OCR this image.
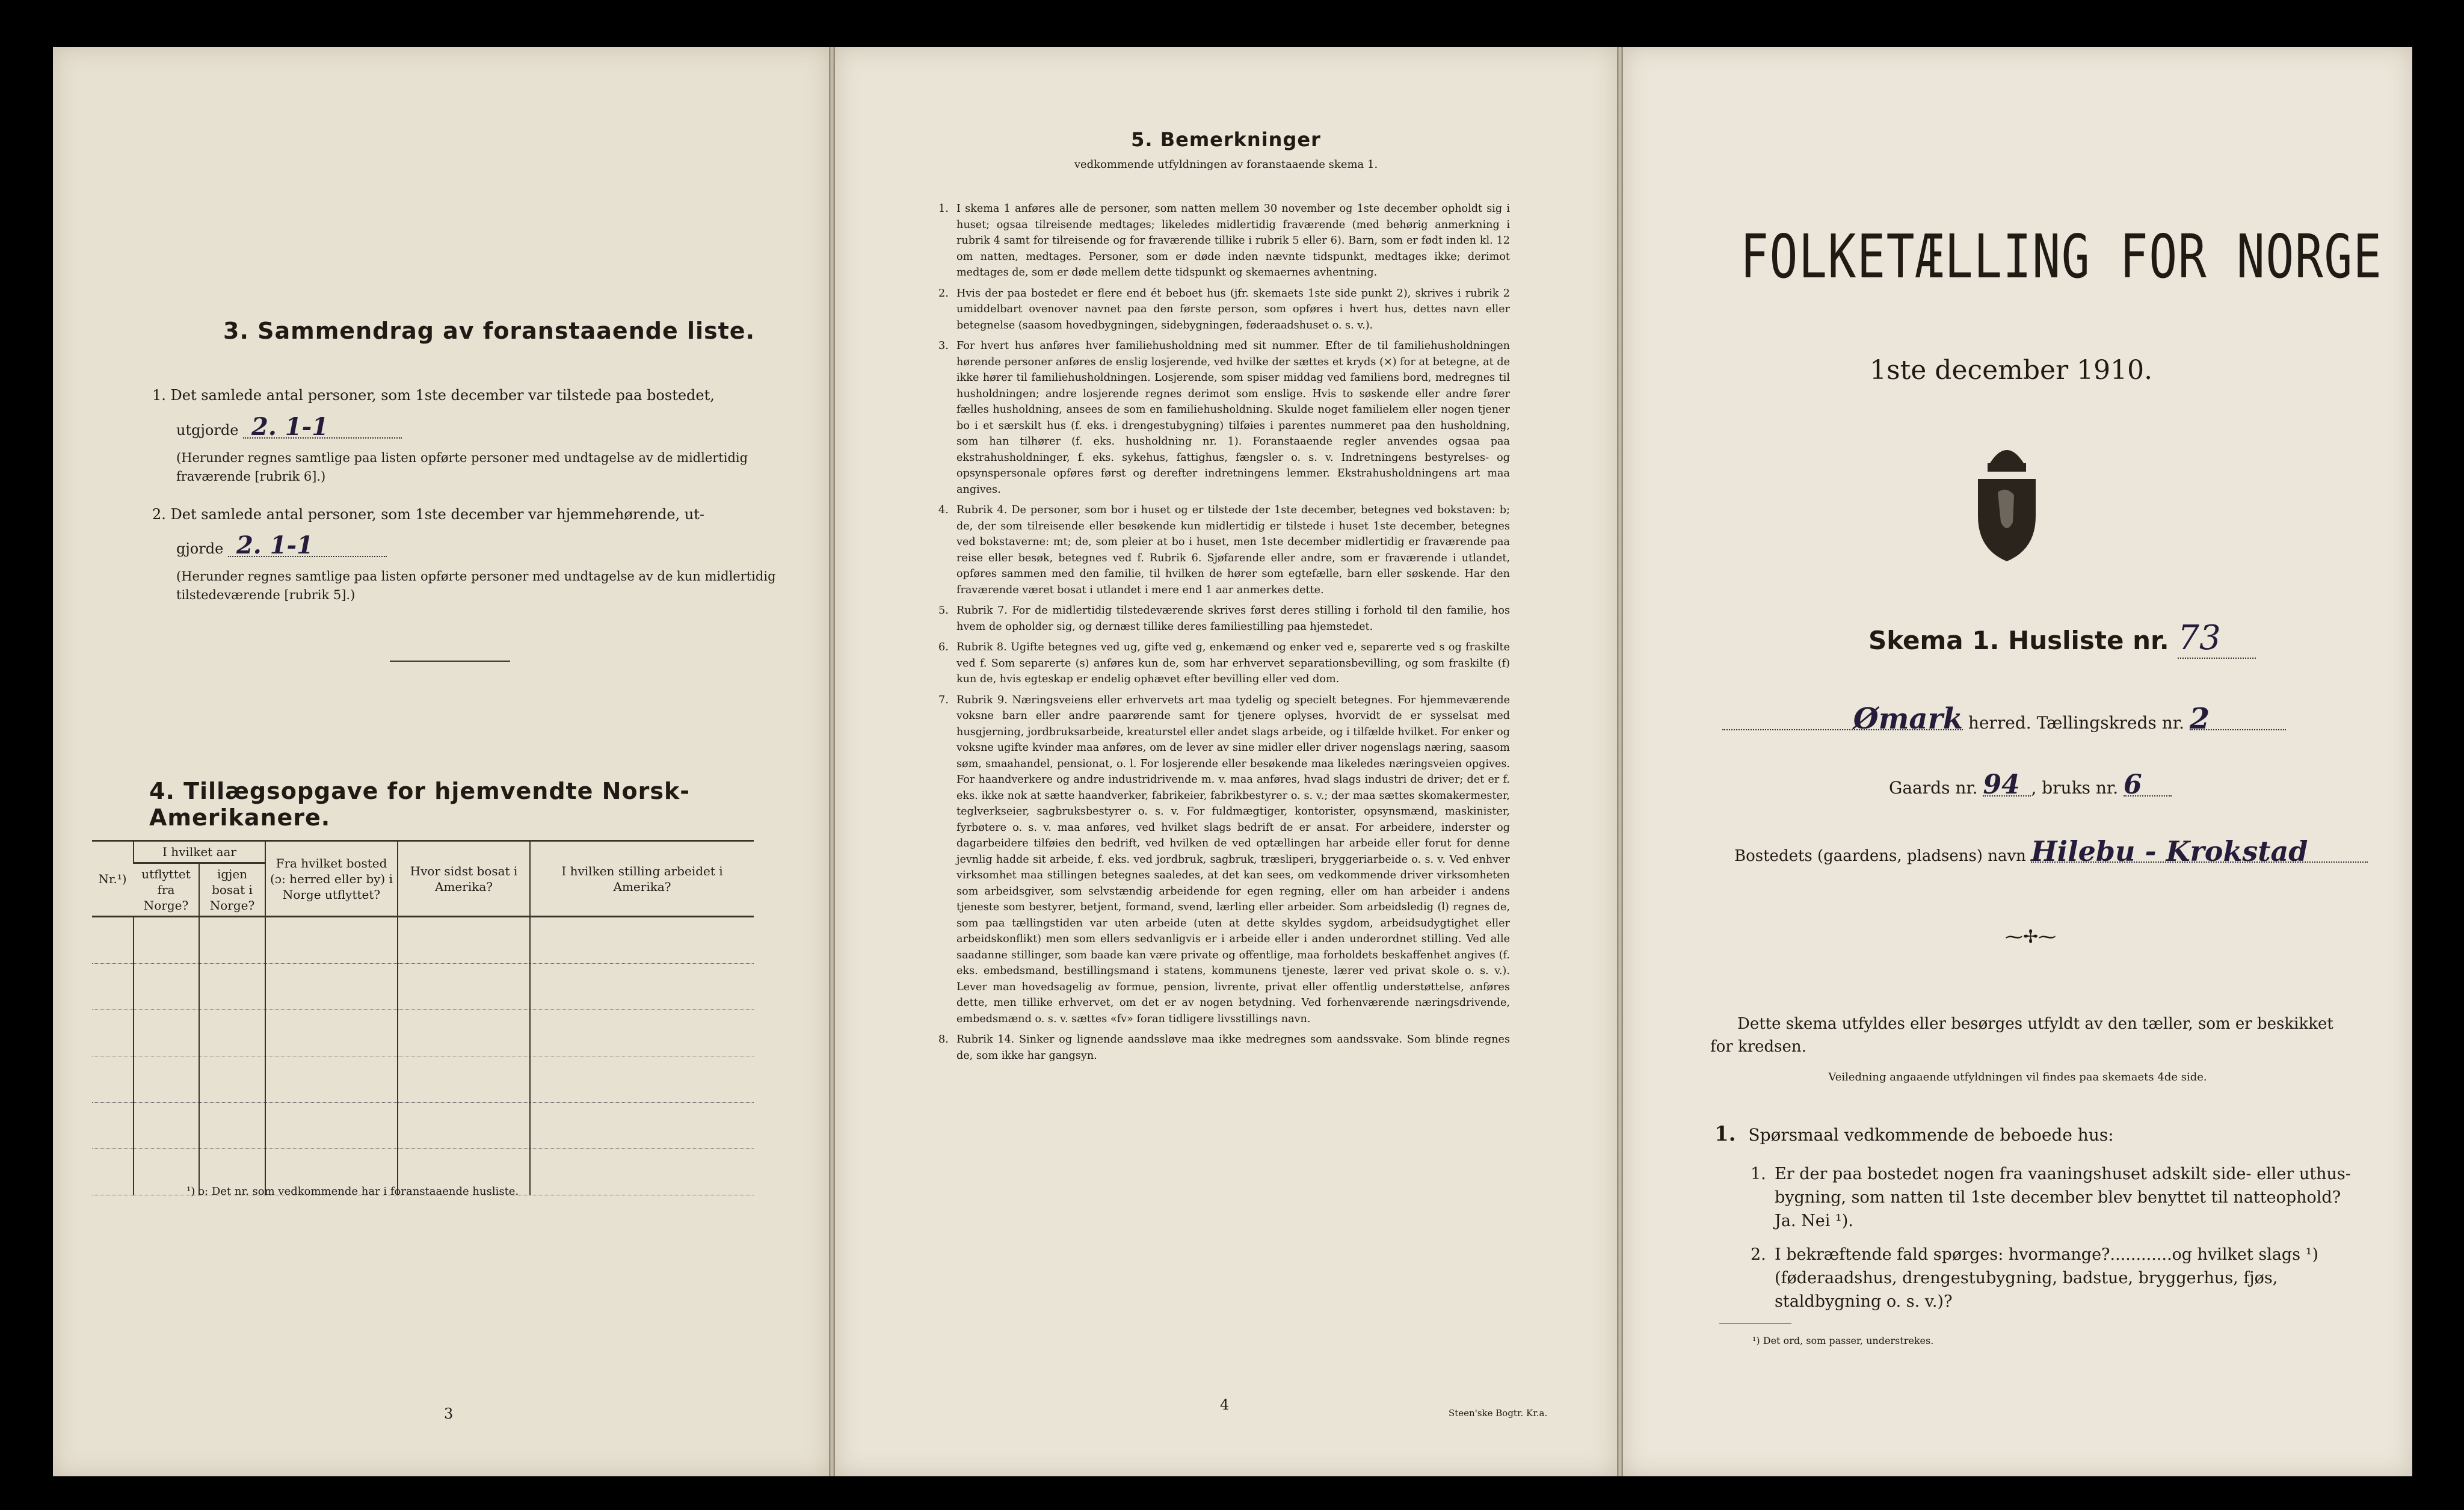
3. Sammendrag av foranstaaende liste.
1. Det samlede antal personer, som 1ste december var tilstede paa bostedet,
utgjorde 2. 1-1
(Herunder regnes samtlige paa listen opførte personer med undtagelse av de midlertidig fraværende [rubrik 6].)
2. Det samlede antal personer, som 1ste december var hjemmehørende, ut-
gjorde 2. 1-1
(Herunder regnes samtlige paa listen opførte personer med undtagelse av de kun midlertidig tilstedeværende [rubrik 5].)
4. Tillægsopgave for hjemvendte Norsk-Amerikanere.
Nr.¹)	I hvilket aar		Fra hvilket bosted (ɔ: herred eller by) i Norge utflyttet?	Hvor sidst bosat i Amerika?	I hvilken stilling arbeidet i Amerika?
	utflyttet fra Norge?	igjen bosat i Norge?			

¹) ɔ: Det nr. som vedkommende har i foranstaaende husliste.
3
5. Bemerkninger
vedkommende utfyldningen av foranstaaende skema 1.
1. I skema 1 anføres alle de personer, som natten mellem 30 november og 1ste december opholdt sig i huset; ogsaa tilreisende medtages; likeledes midlertidig fraværende (med behørig anmerkning i rubrik 4 samt for tilreisende og for fraværende tillike i rubrik 5 eller 6). Barn, som er født inden kl. 12 om natten, medtages. Personer, som er døde inden nævnte tidspunkt, medtages ikke; derimot medtages de, som er døde mellem dette tidspunkt og skemaernes avhentning.
2. Hvis der paa bostedet er flere end ét beboet hus (jfr. skemaets 1ste side punkt 2), skrives i rubrik 2 umiddelbart ovenover navnet paa den første person, som opføres i hvert hus, dettes navn eller betegnelse (saasom hovedbygningen, sidebygningen, føderaadshuset o. s. v.).
3. For hvert hus anføres hver familiehusholdning med sit nummer. Efter de til familiehusholdningen hørende personer anføres de enslig losjerende, ved hvilke der sættes et kryds (×) for at betegne, at de ikke hører til familiehusholdningen. Losjerende, som spiser middag ved familiens bord, medregnes til husholdningen; andre losjerende regnes derimot som enslige. Hvis to søskende eller andre fører fælles husholdning, ansees de som en familiehusholdning. Skulde noget familielem eller nogen tjener bo i et særskilt hus (f. eks. i drengestubygning) tilføies i parentes nummeret paa den husholdning, som han tilhører (f. eks. husholdning nr. 1). Foranstaaende regler anvendes ogsaa paa ekstrahusholdninger, f. eks. sykehus, fattighus, fængsler o. s. v. Indretningens bestyrelses- og opsynspersonale opføres først og derefter indretningens lemmer. Ekstrahusholdningens art maa angives.
4. Rubrik 4. De personer, som bor i huset og er tilstede der 1ste december, betegnes ved bokstaven: b; de, der som tilreisende eller besøkende kun midlertidig er tilstede i huset 1ste december, betegnes ved bokstaverne: mt; de, som pleier at bo i huset, men 1ste december midlertidig er fraværende paa reise eller besøk, betegnes ved f. Rubrik 6. Sjøfarende eller andre, som er fraværende i utlandet, opføres sammen med den familie, til hvilken de hører som egtefælle, barn eller søskende. Har den fraværende været bosat i utlandet i mere end 1 aar anmerkes dette.
5. Rubrik 7. For de midlertidig tilstedeværende skrives først deres stilling i forhold til den familie, hos hvem de opholder sig, og dernæst tillike deres familiestilling paa hjemstedet.
6. Rubrik 8. Ugifte betegnes ved ug, gifte ved g, enkemænd og enker ved e, separerte ved s og fraskilte ved f. Som separerte (s) anføres kun de, som har erhvervet separationsbevilling, og som fraskilte (f) kun de, hvis egteskap er endelig ophævet efter bevilling eller ved dom.
7. Rubrik 9. Næringsveiens eller erhvervets art maa tydelig og specielt betegnes. For hjemmeværende voksne barn eller andre paarørende samt for tjenere oplyses, hvorvidt de er sysselsat med husgjerning, jordbruksarbeide, kreaturstel eller andet slags arbeide, og i tilfælde hvilket. For enker og voksne ugifte kvinder maa anføres, om de lever av sine midler eller driver nogenslags næring, saasom søm, smaahandel, pensionat, o. l. For losjerende eller besøkende maa likeledes næringsveien opgives. For haandverkere og andre industridrivende m. v. maa anføres, hvad slags industri de driver; det er f. eks. ikke nok at sætte haandverker, fabrikeier, fabrikbestyrer o. s. v.; der maa sættes skomakermester, teglverkseier, sagbruksbestyrer o. s. v. For fuldmægtiger, kontorister, opsynsmænd, maskinister, fyrbøtere o. s. v. maa anføres, ved hvilket slags bedrift de er ansat. For arbeidere, inderster og dagarbeidere tilføies den bedrift, ved hvilken de ved optællingen har arbeide eller forut for denne jevnlig hadde sit arbeide, f. eks. ved jordbruk, sagbruk, træsliperi, bryggeriarbeide o. s. v. Ved enhver virksomhet maa stillingen betegnes saaledes, at det kan sees, om vedkommende driver virksomheten som arbeidsgiver, som selvstændig arbeidende for egen regning, eller om han arbeider i andens tjeneste som bestyrer, betjent, formand, svend, lærling eller arbeider. Som arbeidsledig (l) regnes de, som paa tællingstiden var uten arbeide (uten at dette skyldes sygdom, arbeidsudygtighet eller arbeidskonflikt) men som ellers sedvanligvis er i arbeide eller i anden underordnet stilling. Ved alle saadanne stillinger, som baade kan være private og offentlige, maa forholdets beskaffenhet angives (f. eks. embedsmand, bestillingsmand i statens, kommunens tjeneste, lærer ved privat skole o. s. v.). Lever man hovedsagelig av formue, pension, livrente, privat eller offentlig understøttelse, anføres dette, men tillike erhvervet, om det er av nogen betydning. Ved forhenværende næringsdrivende, embedsmænd o. s. v. sættes «fv» foran tidligere livsstillings navn.
8. Rubrik 14. Sinker og lignende aandssløve maa ikke medregnes som aandssvake. Som blinde regnes de, som ikke har gangsyn.
4	Steen'ske Bogtr. Kr.a.
FOLKETÆLLING FOR NORGE
1ste december 1910.
Skema 1. Husliste nr. 73
Ømark herred. Tællingskreds nr. 2
Gaards nr. 94 , bruks nr. 6
Bostedets (gaardens, pladsens) navn Hilebu - Krokstad
⁓✢⁓
Dette skema utfyldes eller besørges utfyldt av den tæller, som er beskikket for kredsen.
Veiledning angaaende utfyldningen vil findes paa skemaets 4de side.
1. Spørsmaal vedkommende de beboede hus:
1. Er der paa bostedet nogen fra vaaningshuset adskilt side- eller uthus-bygning, som natten til 1ste december blev benyttet til natteophold? Ja. Nei ¹).
2. I bekræftende fald spørges: hvormange?............og hvilket slags ¹) (føderaadshus, drengestubygning, badstue, bryggerhus, fjøs, staldbygning o. s. v.)?
¹) Det ord, som passer, understrekes.
